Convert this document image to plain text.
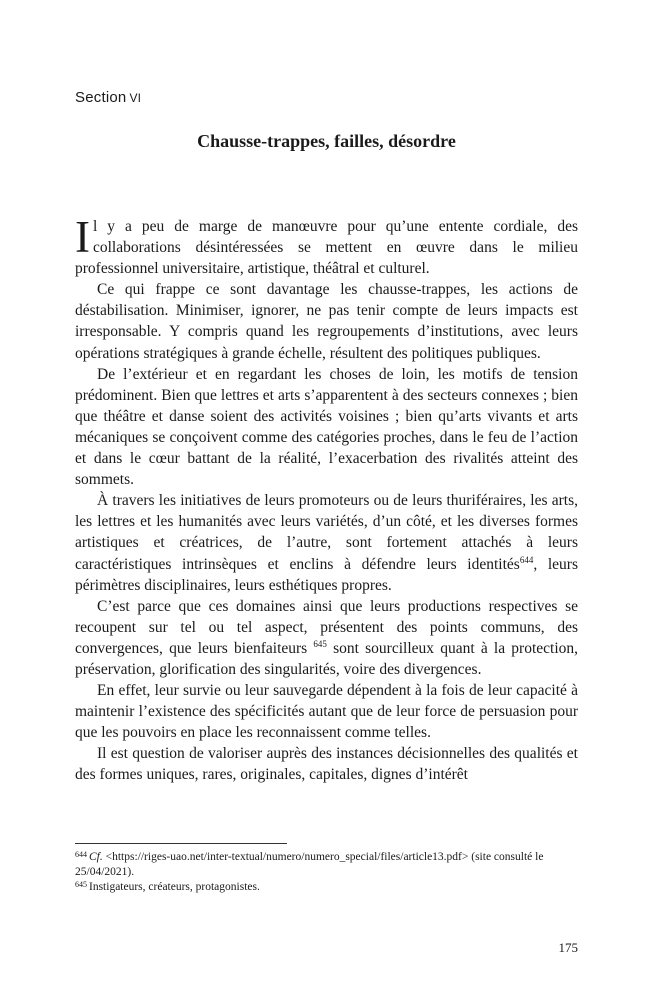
Section VI
Chausse-trappes, failles, désordre

Il y a peu de marge de manœuvre pour qu’une entente cordiale, des collaborations désintéressées se mettent en œuvre dans le milieu professionnel universitaire, artistique, théâtral et culturel.

Ce qui frappe ce sont davantage les chausse-trappes, les actions de déstabilisation. Minimiser, ignorer, ne pas tenir compte de leurs impacts est irresponsable. Y compris quand les regroupements d’institutions, avec leurs opérations stratégiques à grande échelle, résultent des politiques publiques.

De l’extérieur et en regardant les choses de loin, les motifs de tension prédominent. Bien que lettres et arts s’apparentent à des secteurs connexes ; bien que théâtre et danse soient des activités voisines ; bien qu’arts vivants et arts mécaniques se conçoivent comme des catégories proches, dans le feu de l’action et dans le cœur battant de la réalité, l’exacerbation des rivalités atteint des sommets.

À travers les initiatives de leurs promoteurs ou de leurs thuriféraires, les arts, les lettres et les humanités avec leurs variétés, d’un côté, et les diverses formes artistiques et créatrices, de l’autre, sont fortement attachés à leurs caractéristiques intrinsèques et enclins à défendre leurs identités$^{644}$, leurs périmètres disciplinaires, leurs esthétiques propres.

C’est parce que ces domaines ainsi que leurs productions respectives se recoupent sur tel ou tel aspect, présentent des points communs, des convergences, que leurs bienfaiteurs $^{645}$ sont sourcilleux quant à la protection, préservation, glorification des singularités, voire des divergences.

En effet, leur survie ou leur sauvegarde dépendent à la fois de leur capacité à maintenir l’existence des spécificités autant que de leur force de persuasion pour que les pouvoirs en place les reconnaissent comme telles.

Il est question de valoriser auprès des instances décisionnelles des qualités et des formes uniques, rares, originales, capitales, dignes d’intérêt

$^{644}$ Cf. <https://riges-uao.net/inter-textual/numero/numero_special/files/article13.pdf> (site consulté le 25/04/2021).

$^{645}$ Instigateurs, créateurs, protagonistes.

175
